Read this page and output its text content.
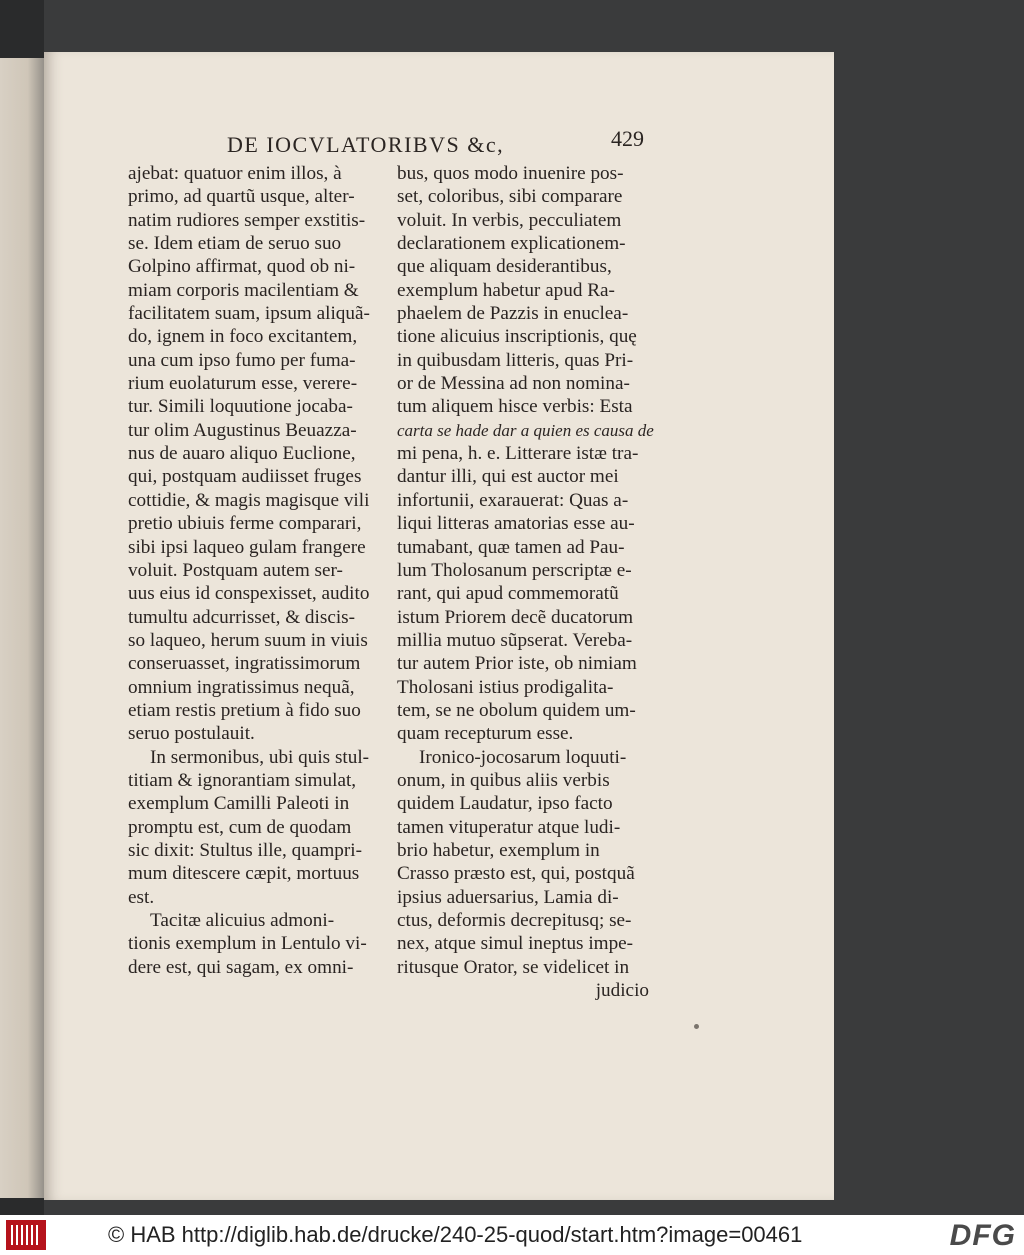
DE IOCVLATORIBVS &c,	429
ajebat: quatuor enim illos, à
primo, ad quartũ usque, alter-
natim rudiores semper exstitis-
se. Idem etiam de seruo suo
Golpino affirmat, quod ob ni-
miam corporis macilentiam &
facilitatem suam, ipsum aliquã-
do, ignem in foco excitantem,
una cum ipso fumo per fuma-
rium euolaturum esse, verere-
tur. Simili loquutione jocaba-
tur olim Augustinus Beuazza-
nus de auaro aliquo Euclione,
qui, postquam audiisset fruges
cottidie, & magis magisque vili
pretio ubiuis ferme comparari,
sibi ipsi laqueo gulam frangere
voluit. Postquam autem ser-
uus eius id conspexisset, audito
tumultu adcurrisset, & discis-
so laqueo, herum suum in viuis
conseruasset, ingratissimorum
omnium ingratissimus nequã,
etiam restis pretium à fido suo
seruo postulauit.
In sermonibus, ubi quis stul-
titiam & ignorantiam simulat,
exemplum Camilli Paleoti in
promptu est, cum de quodam
sic dixit: Stultus ille, quampri-
mum ditescere cæpit, mortuus
est.
Tacitæ alicuius admoni-
tionis exemplum in Lentulo vi-
dere est, qui sagam, ex omni-
bus, quos modo inuenire pos-
set, coloribus, sibi comparare
voluit. In verbis, pecculiatem
declarationem explicationem-
que aliquam desiderantibus,
exemplum habetur apud Ra-
phaelem de Pazzis in enuclea-
tione alicuius inscriptionis, quę
in quibusdam litteris, quas Pri-
or de Messina ad non nomina-
tum aliquem hisce verbis: Esta
carta se hade dar a quien es causa de
mi pena, h. e. Litterare istæ tra-
dantur illi, qui est auctor mei
infortunii, exarauerat: Quas a-
liqui litteras amatorias esse au-
tumabant, quæ tamen ad Pau-
lum Tholosanum perscriptæ e-
rant, qui apud commemoratũ
istum Priorem decẽ ducatorum
millia mutuo sũpserat. Vereba-
tur autem Prior iste, ob nimiam
Tholosani istius prodigalita-
tem, se ne obolum quidem um-
quam recepturum esse.
Ironico-jocosarum loquuti-
onum, in quibus aliis verbis
quidem Laudatur, ipso facto
tamen vituperatur atque ludi-
brio habetur, exemplum in
Crasso præsto est, qui, postquã
ipsius aduersarius, Lamia di-
ctus, deformis decrepitusq; se-
nex, atque simul ineptus impe-
ritusque Orator, se videlicet in
judicio
© HAB http://diglib.hab.de/drucke/240-25-quod/start.htm?image=00461	DFG
